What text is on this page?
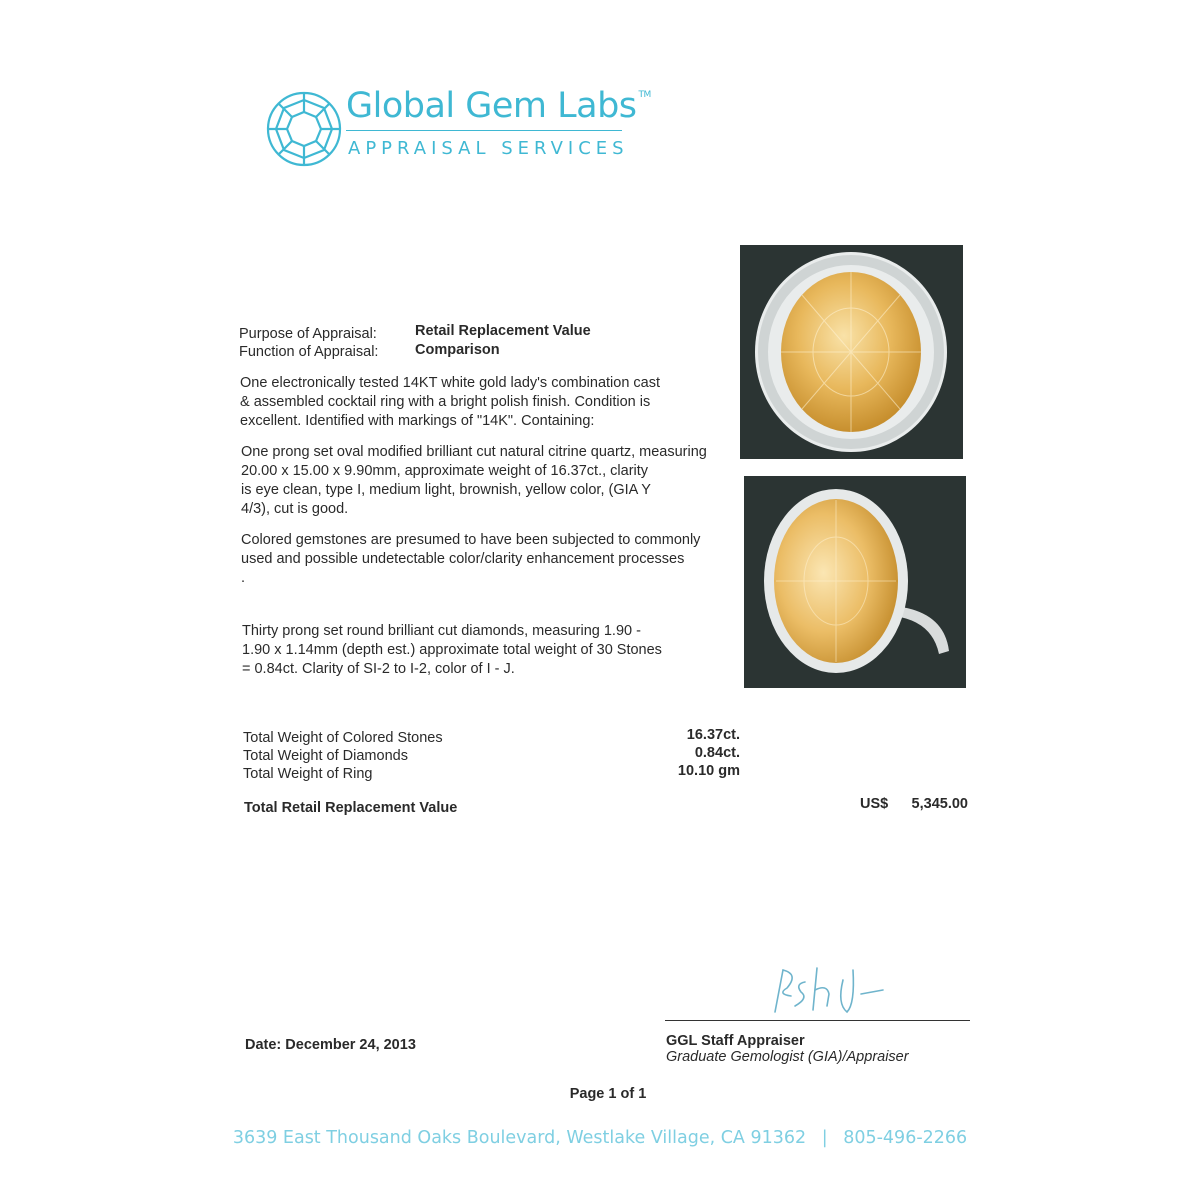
Global Gem Labs ™
APPRAISAL SERVICES
Purpose of Appraisal:	Retail Replacement Value
Function of Appraisal:	Comparison
One electronically tested 14KT white gold lady's combination cast
& assembled cocktail ring with a bright polish finish. Condition is
excellent. Identified with markings of "14K". Containing:
One prong set oval modified brilliant cut natural citrine quartz, measuring
20.00 x 15.00 x 9.90mm, approximate weight of 16.37ct., clarity
is eye clean, type I, medium light, brownish, yellow color, (GIA Y
4/3), cut is good.
Colored gemstones are presumed to have been subjected to commonly
used and possible undetectable color/clarity enhancement processes
.
Thirty prong set round brilliant cut diamonds, measuring 1.90 -
1.90 x 1.14mm (depth est.) approximate total weight of 30 Stones
= 0.84ct. Clarity of SI-2 to I-2, color of I - J.
Total Weight of Colored Stones	16.37ct.
Total Weight of Diamonds	0.84ct.
Total Weight of Ring	10.10 gm
Total Retail Replacement Value	US$	5,345.00
Date: December 24, 2013	GGL Staff Appraiser
Graduate Gemologist (GIA)/Appraiser
Page 1 of 1
3639 East Thousand Oaks Boulevard, Westlake Village, CA 91362 | 805-496-2266
